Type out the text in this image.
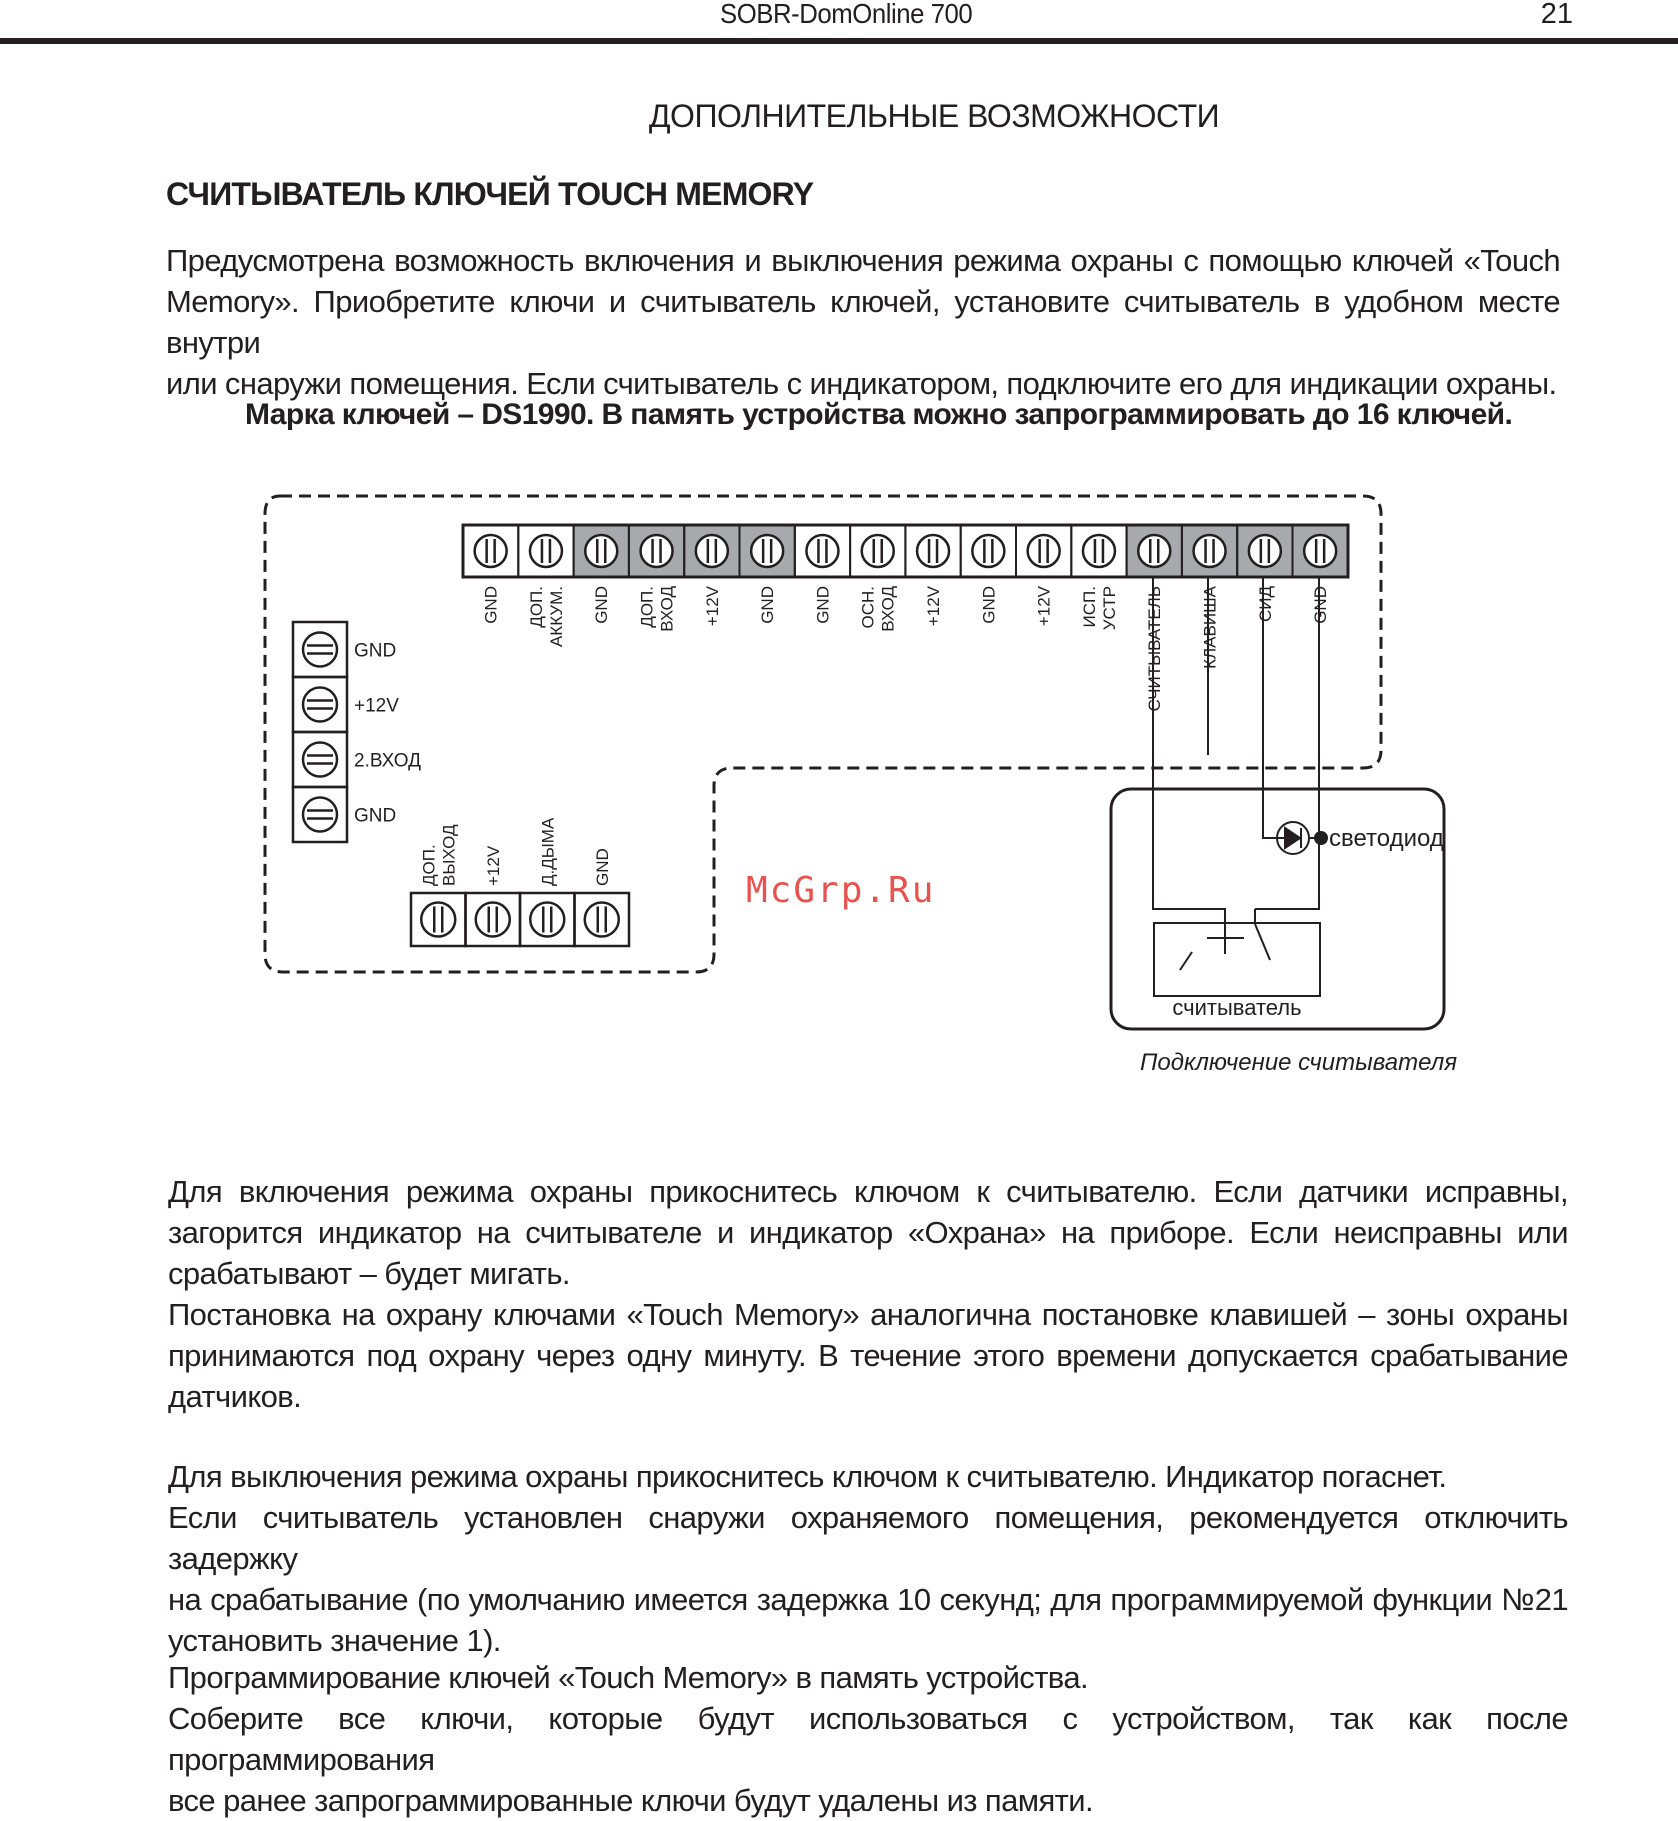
SOBR-DomOnline 700	21
ДОПОЛНИТЕЛЬНЫЕ ВОЗМОЖНОСТИ
СЧИТЫВАТЕЛЬ КЛЮЧЕЙ TOUCH MEMORY
Предусмотрена возможность включения и выключения режима охраны с помощью ключей «Touch
Memory». Приобретите ключи и считыватель ключей, установите считыватель в удобном месте внутри
или снаружи помещения. Если считыватель с индикатором, подключите его для индикации охраны.
Марка ключей – DS1990. В память устройства можно запрограммировать до 16 ключей.
GND ДОП. АККУМ. GND ДОП. ВХОД +12V GND GND ОСН. ВХОД +12V GND +12V ИСП. УСТР СЧИТЫВАТЕЛЬ КЛАВИША СИД GND
GND
+12V
2.ВХОД
GND
ДОП. ВЫХОД +12V Д.ДЫМА GND
считыватель
светодиод
McGrp.Ru
Подключение считывателя
Для включения режима охраны прикоснитесь ключом к считывателю. Если датчики исправны,
загорится индикатор на считывателе и индикатор «Охрана» на приборе. Если неисправны или
срабатывают – будет мигать.
Постановка на охрану ключами «Touch Memory» аналогична постановке клавишей – зоны охраны
принимаются под охрану через одну минуту. В течение этого времени допускается срабатывание
датчиков.
Для выключения режима охраны прикоснитесь ключом к считывателю. Индикатор погаснет.
Если считыватель установлен снаружи охраняемого помещения, рекомендуется отключить задержку
на срабатывание (по умолчанию имеется задержка 10 секунд; для программируемой функции №21
установить значение 1).
Программирование ключей «Touch Memory» в память устройства.
Соберите все ключи, которые будут использоваться с устройством, так как после программирования
все ранее запрограммированные ключи будут удалены из памяти.
